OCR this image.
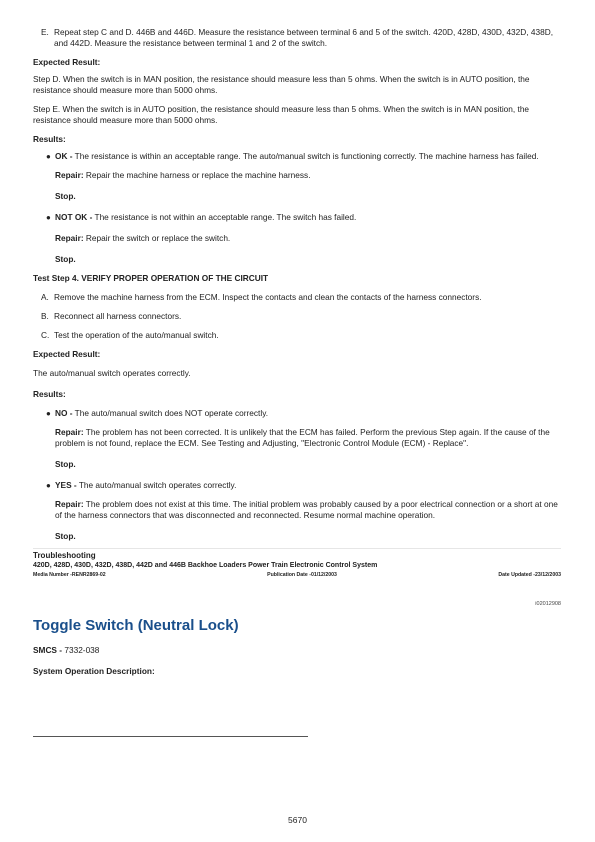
E. Repeat step C and D. 446B and 446D. Measure the resistance between terminal 6 and 5 of the switch. 420D, 428D, 430D, 432D, 438D, and 442D. Measure the resistance between terminal 1 and 2 of the switch.
Expected Result:
Step D. When the switch is in MAN position, the resistance should measure less than 5 ohms. When the switch is in AUTO position, the resistance should measure more than 5000 ohms.
Step E. When the switch is in AUTO position, the resistance should measure less than 5 ohms. When the switch is in MAN position, the resistance should measure more than 5000 ohms.
Results:
● OK - The resistance is within an acceptable range. The auto/manual switch is functioning correctly. The machine harness has failed.
Repair: Repair the machine harness or replace the machine harness.
Stop.
● NOT OK - The resistance is not within an acceptable range. The switch has failed.
Repair: Repair the switch or replace the switch.
Stop.
Test Step 4. VERIFY PROPER OPERATION OF THE CIRCUIT
A. Remove the machine harness from the ECM. Inspect the contacts and clean the contacts of the harness connectors.
B. Reconnect all harness connectors.
C. Test the operation of the auto/manual switch.
Expected Result:
The auto/manual switch operates correctly.
Results:
● NO - The auto/manual switch does NOT operate correctly.
Repair: The problem has not been corrected. It is unlikely that the ECM has failed. Perform the previous Step again. If the cause of the problem is not found, replace the ECM. See Testing and Adjusting, "Electronic Control Module (ECM) - Replace".
Stop.
● YES - The auto/manual switch operates correctly.
Repair: The problem does not exist at this time. The initial problem was probably caused by a poor electrical connection or a short at one of the harness connectors that was disconnected and reconnected. Resume normal machine operation.
Stop.
Troubleshooting
420D, 428D, 430D, 432D, 438D, 442D and 446B Backhoe Loaders Power Train Electronic Control System
Media Number -RENR2869-02	Publication Date -01/12/2003	Date Updated -23/12/2003
i02012908
Toggle Switch (Neutral Lock)
SMCS - 7332-038
System Operation Description:
5670
